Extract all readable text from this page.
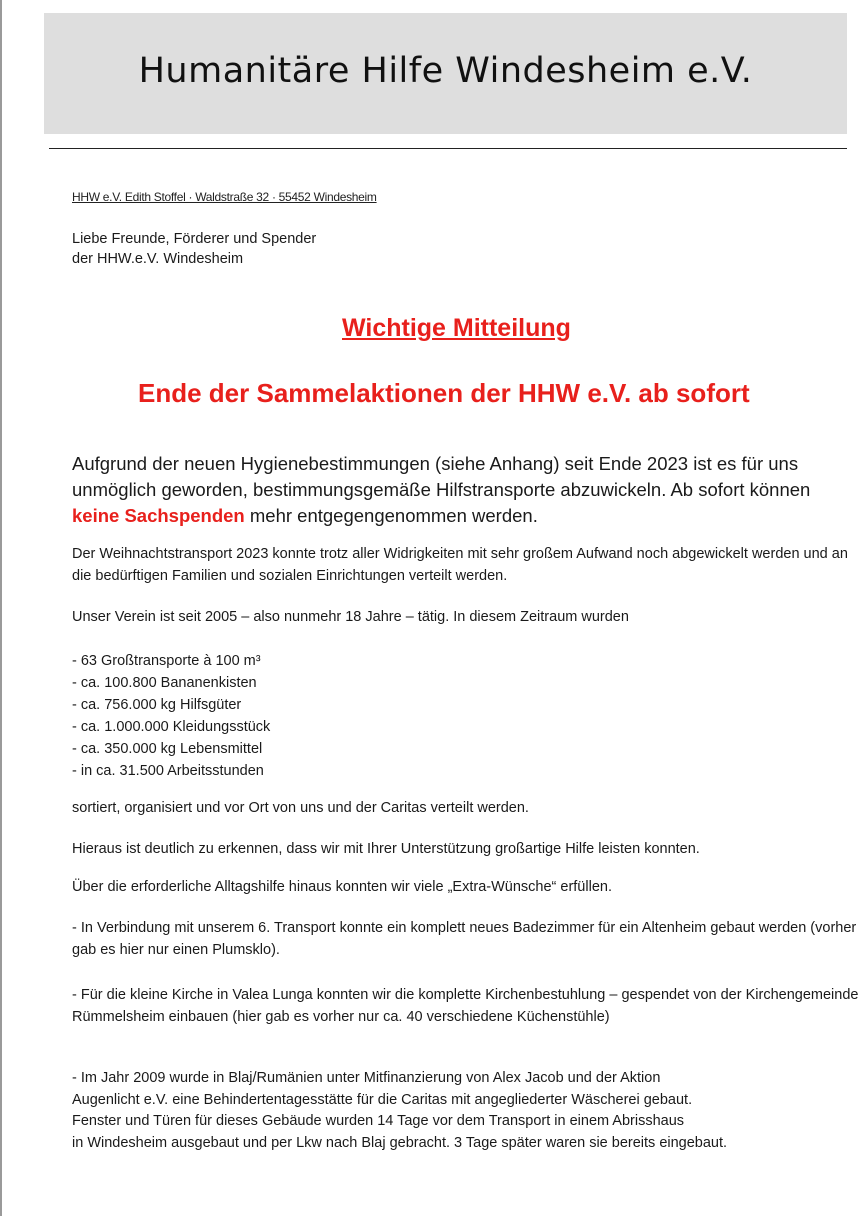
Humanitäre Hilfe Windesheim e.V.
HHW e.V. Edith Stoffel · Waldstraße 32 · 55452 Windesheim
Liebe Freunde, Förderer und Spender
der HHW.e.V. Windesheim
Wichtige Mitteilung
Ende der Sammelaktionen der HHW e.V. ab sofort
Aufgrund der neuen Hygienebestimmungen (siehe Anhang) seit Ende 2023 ist es für uns unmöglich geworden, bestimmungsgemäße Hilfstransporte abzuwickeln. Ab sofort können keine Sachspenden mehr entgegengenommen werden.
Der Weihnachtstransport 2023 konnte trotz aller Widrigkeiten mit sehr großem Aufwand noch abgewickelt werden und an die bedürftigen Familien und sozialen Einrichtungen verteilt werden.
Unser Verein ist seit 2005 – also nunmehr 18 Jahre – tätig. In diesem Zeitraum wurden
- 63 Großtransporte à 100 m³
- ca. 100.800 Bananenkisten
- ca. 756.000 kg Hilfsgüter
- ca. 1.000.000 Kleidungsstück
- ca. 350.000 kg Lebensmittel
- in ca. 31.500 Arbeitsstunden
sortiert, organisiert und vor Ort von uns und der Caritas verteilt werden.
Hieraus ist deutlich zu erkennen, dass wir mit Ihrer Unterstützung großartige Hilfe leisten konnten.
Über die erforderliche Alltagshilfe hinaus konnten wir viele „Extra-Wünsche“ erfüllen.
- In Verbindung mit unserem 6. Transport konnte ein komplett neues Badezimmer für ein Altenheim gebaut werden (vorher gab es hier nur einen Plumsklo).
- Für die kleine Kirche in Valea Lunga konnten wir die komplette Kirchenbestuhlung – gespendet von der Kirchengemeinde Rümmelsheim einbauen (hier gab es vorher nur ca. 40 verschiedene Küchenstühle)
- Im Jahr 2009 wurde in Blaj/Rumänien unter Mitfinanzierung von Alex Jacob und der Aktion
Augenlicht e.V. eine Behindertentagesstätte für die Caritas mit angegliederter Wäscherei gebaut.
Fenster und Türen für dieses Gebäude wurden 14 Tage vor dem Transport in einem Abrisshaus
in Windesheim ausgebaut und per Lkw nach Blaj gebracht. 3 Tage später waren sie bereits eingebaut.
